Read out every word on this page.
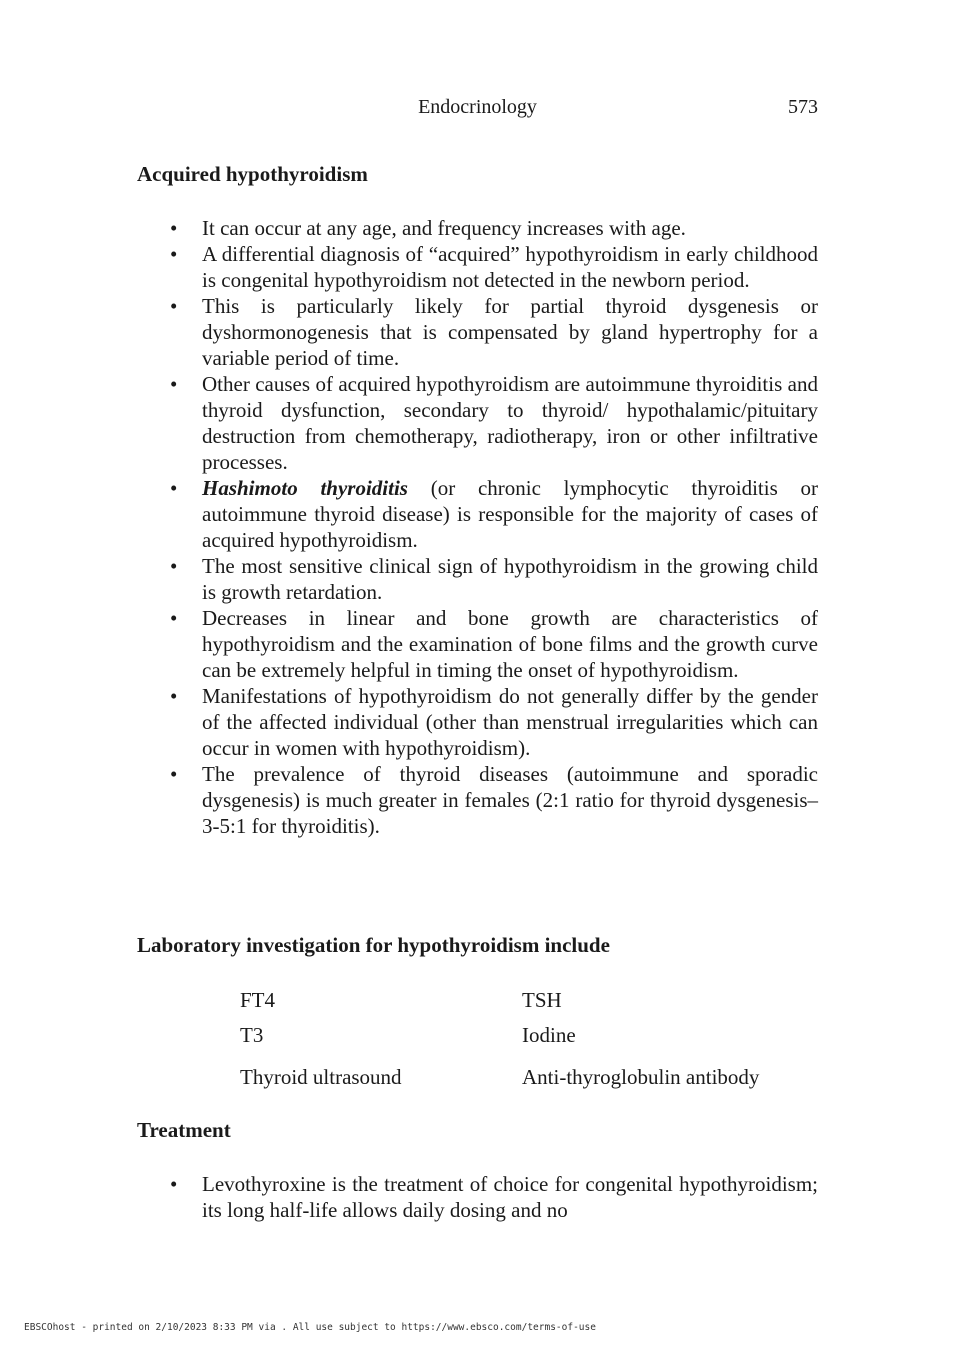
Endocrinology	573
Acquired hypothyroidism
• It can occur at any age, and frequency increases with age.
• A differential diagnosis of “acquired” hypothyroidism in early childhood is congenital hypothyroidism not detected in the newborn period.
• This is particularly likely for partial thyroid dysgenesis or dyshormonogenesis that is compensated by gland hypertrophy for a variable period of time.
• Other causes of acquired hypothyroidism are autoimmune thyroiditis and thyroid dysfunction, secondary to thyroid/ hypothalamic/pituitary destruction from chemotherapy, radiotherapy, iron or other infiltrative processes.
• Hashimoto thyroiditis (or chronic lymphocytic thyroiditis or autoimmune thyroid disease) is responsible for the majority of cases of acquired hypothyroidism.
• The most sensitive clinical sign of hypothyroidism in the growing child is growth retardation.
• Decreases in linear and bone growth are characteristics of hypothyroidism and the examination of bone films and the growth curve can be extremely helpful in timing the onset of hypothyroidism.
• Manifestations of hypothyroidism do not generally differ by the gender of the affected individual (other than menstrual irregularities which can occur in women with hypothyroidism).
• The prevalence of thyroid diseases (autoimmune and sporadic dysgenesis) is much greater in females (2:1 ratio for thyroid dysgenesis–3-5:1 for thyroiditis).
Laboratory investigation for hypothyroidism include
FT4	TSH
T3	Iodine
Thyroid ultrasound	Anti-thyroglobulin antibody
Treatment
• Levothyroxine is the treatment of choice for congenital hypothyroidism; its long half-life allows daily dosing and no
EBSCOhost - printed on 2/10/2023 8:33 PM via . All use subject to https://www.ebsco.com/terms-of-use
